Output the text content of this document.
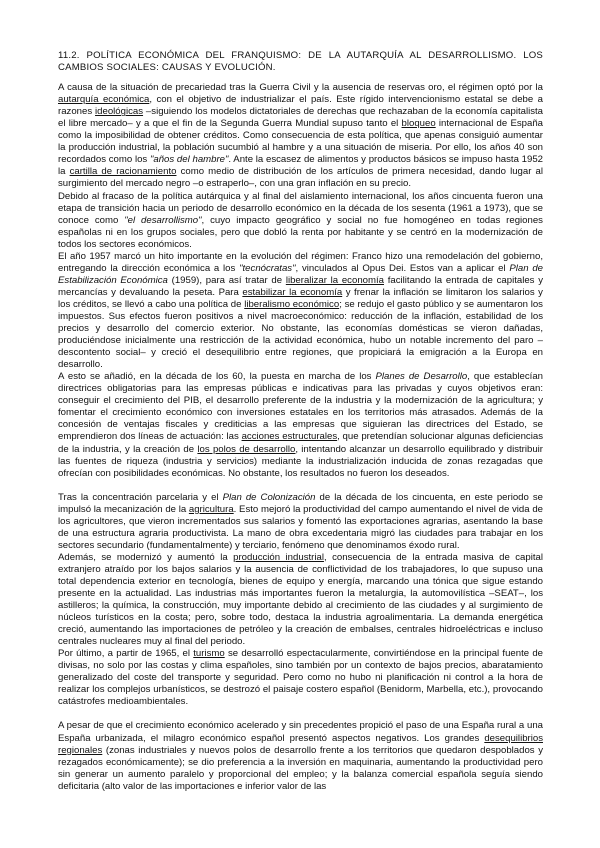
11.2. POLÍTICA ECONÓMICA DEL FRANQUISMO: DE LA AUTARQUÍA AL DESARROLLISMO. LOS CAMBIOS SOCIALES: CAUSAS Y EVOLUCIÓN.

A causa de la situación de precariedad tras la Guerra Civil y la ausencia de reservas oro, el régimen optó por la autarquía económica, con el objetivo de industrializar el país. Este rígido intervencionismo estatal se debe a razones ideológicas –siguiendo los modelos dictatoriales de derechas que rechazaban de la economía capitalista el libre mercado– y a que el fin de la Segunda Guerra Mundial supuso tanto el bloqueo internacional de España como la imposibilidad de obtener créditos. Como consecuencia de esta política, que apenas consiguió aumentar la producción industrial, la población sucumbió al hambre y a una situación de miseria. Por ello, los años 40 son recordados como los "años del hambre". Ante la escasez de alimentos y productos básicos se impuso hasta 1952 la cartilla de racionamiento como medio de distribución de los artículos de primera necesidad, dando lugar al surgimiento del mercado negro –o estraperlo–, con una gran inflación en su precio.

Debido al fracaso de la política autárquica y al final del aislamiento internacional, los años cincuenta fueron una etapa de transición hacia un periodo de desarrollo económico en la década de los sesenta (1961 a 1973), que se conoce como "el desarrollismo", cuyo impacto geográfico y social no fue homogéneo en todas regiones españolas ni en los grupos sociales, pero que dobló la renta por habitante y se centró en la modernización de todos los sectores económicos.

El año 1957 marcó un hito importante en la evolución del régimen: Franco hizo una remodelación del gobierno, entregando la dirección económica a los "tecnócratas", vinculados al Opus Dei. Estos van a aplicar el Plan de Estabilización Económica (1959), para así tratar de liberalizar la economía facilitando la entrada de capitales y mercancías y devaluando la peseta. Para estabilizar la economía y frenar la inflación se limitaron los salarios y los créditos, se llevó a cabo una política de liberalismo económico; se redujo el gasto público y se aumentaron los impuestos. Sus efectos fueron positivos a nivel macroeconómico: reducción de la inflación, estabilidad de los precios y desarrollo del comercio exterior. No obstante, las economías domésticas se vieron dañadas, produciéndose inicialmente una restricción de la actividad económica, hubo un notable incremento del paro –descontento social– y creció el desequilibrio entre regiones, que propiciará la emigración a la Europa en desarrollo.

A esto se añadió, en la década de los 60, la puesta en marcha de los Planes de Desarrollo, que establecían directrices obligatorias para las empresas públicas e indicativas para las privadas y cuyos objetivos eran: conseguir el crecimiento del PIB, el desarrollo preferente de la industria y la modernización de la agricultura; y fomentar el crecimiento económico con inversiones estatales en los territorios más atrasados. Además de la concesión de ventajas fiscales y crediticias a las empresas que siguieran las directrices del Estado, se emprendieron dos líneas de actuación: las acciones estructurales, que pretendían solucionar algunas deficiencias de la industria, y la creación de los polos de desarrollo, intentando alcanzar un desarrollo equilibrado y distribuir las fuentes de riqueza (industria y servicios) mediante la industrialización inducida de zonas rezagadas que ofrecían con posibilidades económicas. No obstante, los resultados no fueron los deseados.

Tras la concentración parcelaria y el Plan de Colonización de la década de los cincuenta, en este periodo se impulsó la mecanización de la agricultura. Esto mejoró la productividad del campo aumentando el nivel de vida de los agricultores, que vieron incrementados sus salarios y fomentó las exportaciones agrarias, asentando la base de una estructura agraria productivista. La mano de obra excedentaria migró las ciudades para trabajar en los sectores secundario (fundamentalmente) y terciario, fenómeno que denominamos éxodo rural.

Además, se modernizó y aumentó la producción industrial, consecuencia de la entrada masiva de capital extranjero atraído por los bajos salarios y la ausencia de conflictividad de los trabajadores, lo que supuso una total dependencia exterior en tecnología, bienes de equipo y energía, marcando una tónica que sigue estando presente en la actualidad. Las industrias más importantes fueron la metalurgia, la automovilística –SEAT–, los astilleros; la química, la construcción, muy importante debido al crecimiento de las ciudades y al surgimiento de núcleos turísticos en la costa; pero, sobre todo, destaca la industria agroalimentaria. La demanda energética creció, aumentando las importaciones de petróleo y la creación de embalses, centrales hidroeléctricas e incluso centrales nucleares muy al final del periodo.

Por último, a partir de 1965, el turismo se desarrolló espectacularmente, convirtiéndose en la principal fuente de divisas, no solo por las costas y clima españoles, sino también por un contexto de bajos precios, abaratamiento generalizado del coste del transporte y seguridad. Pero como no hubo ni planificación ni control a la hora de realizar los complejos urbanísticos, se destrozó el paisaje costero español (Benidorm, Marbella, etc.), provocando catástrofes medioambientales.

A pesar de que el crecimiento económico acelerado y sin precedentes propició el paso de una España rural a una España urbanizada, el milagro económico español presentó aspectos negativos. Los grandes desequilibrios regionales (zonas industriales y nuevos polos de desarrollo frente a los territorios que quedaron despoblados y rezagados económicamente); se dio preferencia a la inversión en maquinaria, aumentando la productividad pero sin generar un aumento paralelo y proporcional del empleo; y la balanza comercial española seguía siendo deficitaria (alto valor de las importaciones e inferior valor de las
